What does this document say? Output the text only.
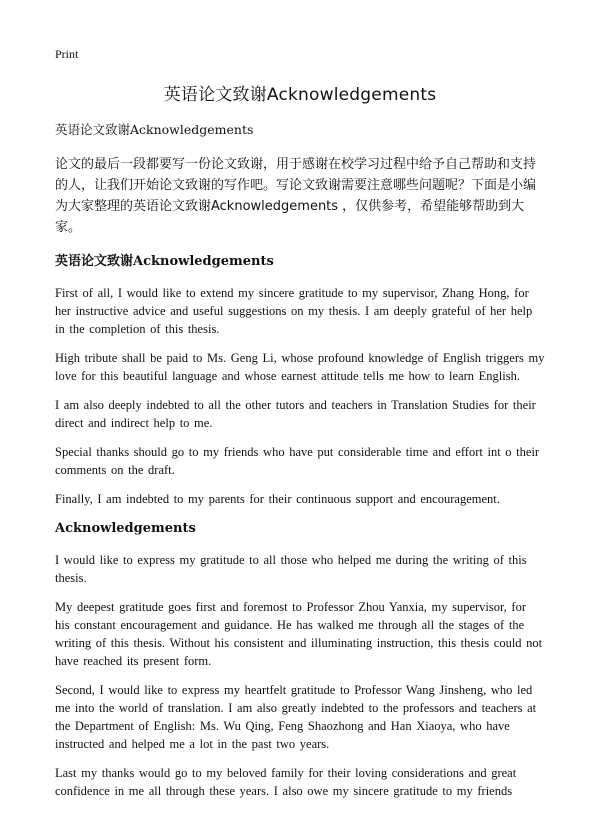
Print
英语论文致谢Acknowledgements
英语论文致谢Acknowledgements
论文的最后一段都要写一份论文致谢，用于感谢在校学习过程中给予自己帮助和支持的人，让我们开始论文致谢的写作吧。写论文致谢需要注意哪些问题呢？下面是小编为大家整理的英语论文致谢Acknowledgements ，仅供参考，希望能够帮助到大家。
英语论文致谢Acknowledgements
First of all, I would like to extend my sincere gratitude to my supervisor, Zhang Hong, for her instructive advice and useful suggestions on my thesis. I am deeply grateful of her help in the completion of this thesis.
High tribute shall be paid to Ms. Geng Li, whose profound knowledge of English triggers my love for this beautiful language and whose earnest attitude tells me how to learn English.
I am also deeply indebted to all the other tutors and teachers in Translation Studies for their direct and indirect help to me.
Special thanks should go to my friends who have put considerable time and effort int o their comments on the draft.
Finally, I am indebted to my parents for their continuous support and encouragement.
Acknowledgements
I would like to express my gratitude to all those who helped me during the writing of this thesis.
My deepest gratitude goes first and foremost to Professor Zhou Yanxia, my supervisor, for his constant encouragement and guidance. He has walked me through all the stages of the writing of this thesis. Without his consistent and illuminating instruction, this thesis could not have reached its present form.
Second, I would like to express my heartfelt gratitude to Professor Wang Jinsheng, who led me into the world of translation. I am also greatly indebted to the professors and teachers at the Department of English: Ms. Wu Qing, Feng Shaozhong and Han Xiaoya, who have instructed and helped me a lot in the past two years.
Last my thanks would go to my beloved family for their loving considerations and great confidence in me all through these years. I also owe my sincere gratitude to my friends
